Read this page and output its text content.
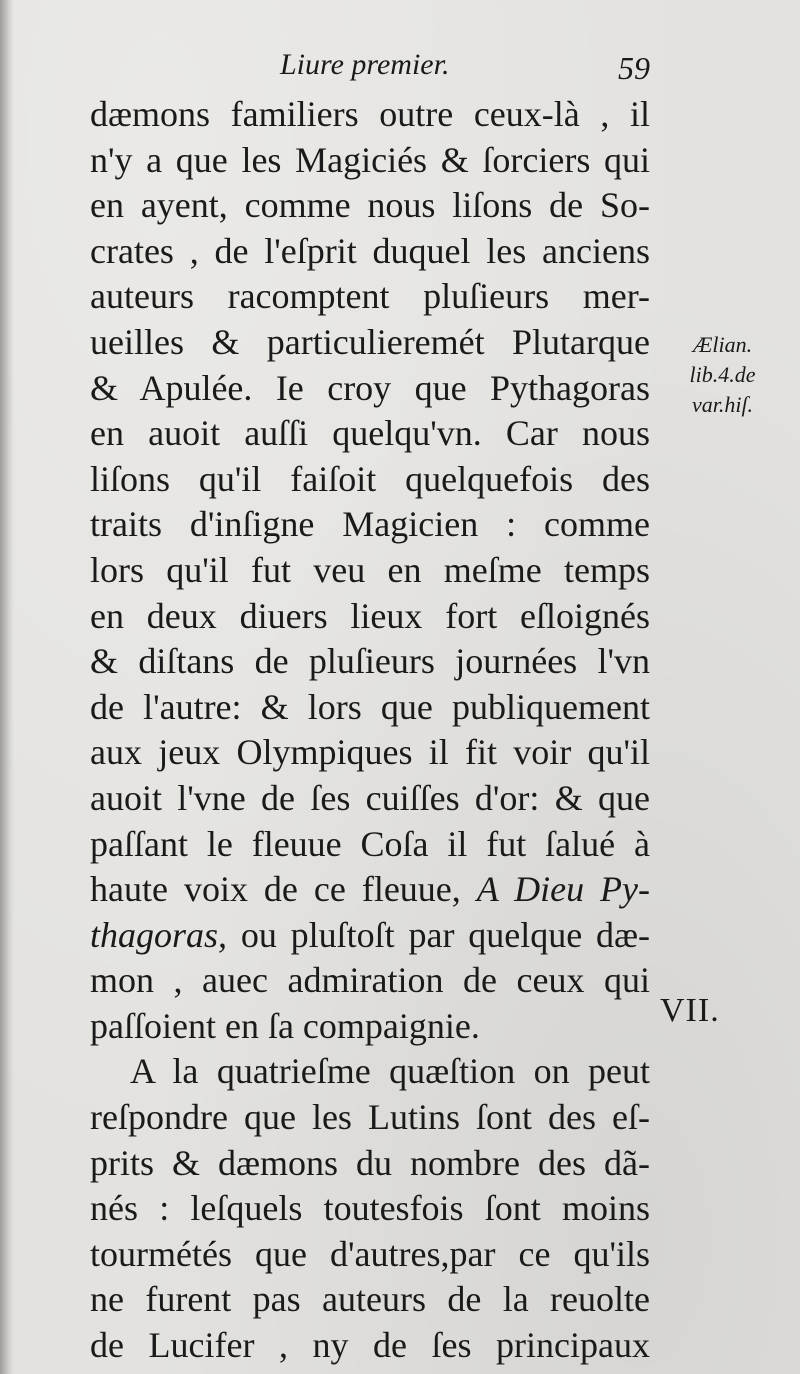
Liure premier.	59
dæmons familiers outre ceux-là , il
n'y a que les Magiciés & ſorciers qui
en ayent, comme nous liſons de So-
crates , de l'eſprit duquel les anciens
auteurs racomptent pluſieurs mer-
ueilles & particulieremét Plutarque
& Apulée. Ie croy que Pythagoras
en auoit auſſi quelqu'vn. Car nous
liſons qu'il faiſoit quelquefois des
traits d'inſigne Magicien : comme
lors qu'il fut veu en meſme temps
en deux diuers lieux fort eſloignés
& diſtans de pluſieurs journées l'vn
de l'autre: & lors que publiquement
aux jeux Olympiques il fit voir qu'il
auoit l'vne de ſes cuiſſes d'or: & que
paſſant le fleuue Coſa il fut ſalué à
haute voix de ce fleuue, A Dieu Py-
thagoras, ou pluſtoſt par quelque dæ-
mon , auec admiration de ceux qui
paſſoient en ſa compaignie.
A la quatrieſme quæſtion on peut
reſpondre que les Lutins ſont des eſ-
prits & dæmons du nombre des dã-
nés : leſquels toutesfois ſont moins
tourmétés que d'autres,par ce qu'ils
ne furent pas auteurs de la reuolte
de Lucifer , ny de ſes principaux
Ælian.
lib.4.de
var.hiſ.
VII.
